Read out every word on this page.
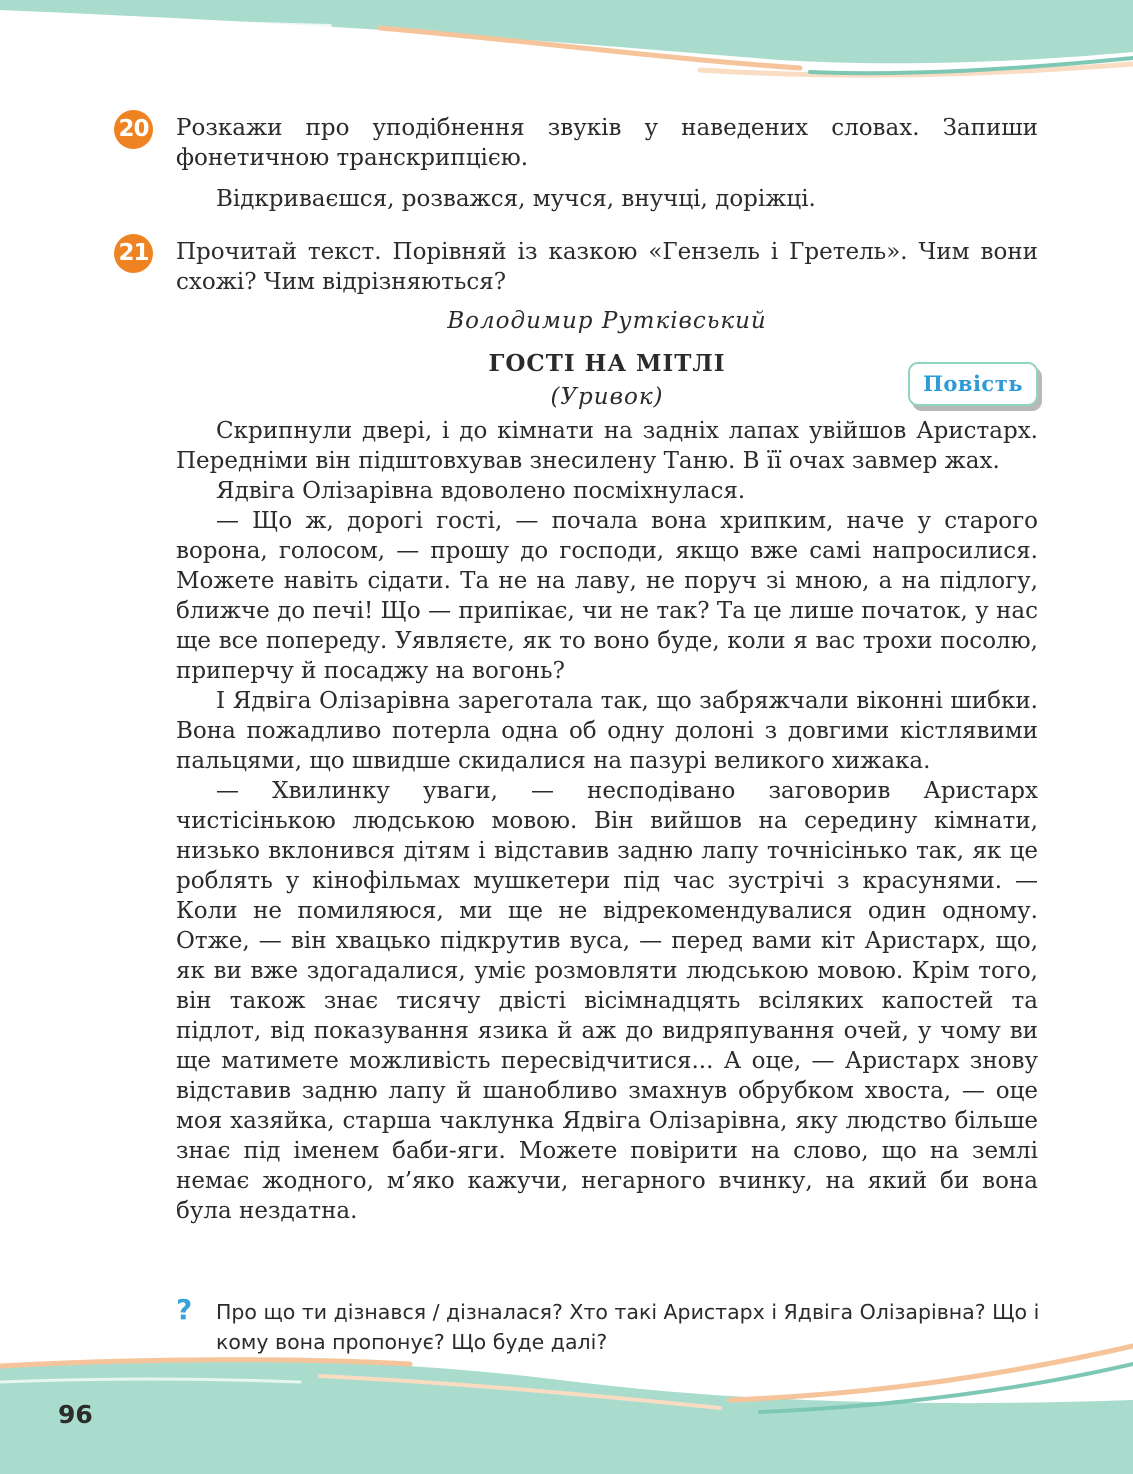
20 Розкажи про уподібнення звуків у наведених словах. Запиши фонетичною транскрипцією.

Відкриваєшся, розважся, мучся, внучці, доріжці.
21 Прочитай текст. Порівняй із казкою «Гензель і Гретель». Чим вони схожі? Чим відрізняються?

Володимир Рутківський
ГОСТІ НА МІТЛІ
(Уривок)
Повість

Скрипнули двері, і до кімнати на задніх лапах увійшов Аристарх. Передніми він підштовхував знесилену Таню. В її очах завмер жах.

Ядвіга Олізарівна вдоволено посміхнулася.

— Що ж, дорогі гості, — почала вона хрипким, наче у старого ворона, голосом, — прошу до господи, якщо вже самі напросилися. Можете навіть сідати. Та не на лаву, не поруч зі мною, а на підлогу, ближче до печі! Що — припікає, чи не так? Та це лише початок, у нас ще все попереду. Уявляєте, як то воно буде, коли я вас трохи посолю, приперчу й посаджу на вогонь?

І Ядвіга Олізарівна зареготала так, що забряжчали віконні шибки. Вона пожадливо потерла одна об одну долоні з довгими кістлявими пальцями, що швидше скидалися на пазурі великого хижака.

— Хвилинку уваги, — несподівано заговорив Аристарх чистісінькою людською мовою. Він вийшов на середину кімнати, низько вклонився дітям і відставив задню лапу точнісінько так, як це роблять у кінофільмах мушкетери під час зустрічі з красунями. — Коли не помиляюся, ми ще не відрекомендувалися один одному. Отже, — він хвацько підкрутив вуса, — перед вами кіт Аристарх, що, як ви вже здогадалися, уміє розмовляти людською мовою. Крім того, він також знає тисячу двісті вісімнадцять всіляких капостей та підлот, від показування язика й аж до видряпування очей, у чому ви ще матимете можливість пересвідчитися... А оце, — Аристарх знову відставив задню лапу й шанобливо змахнув обрубком хвоста, — оце моя хазяйка, старша чаклунка Ядвіга Олізарівна, яку людство більше знає під іменем баби-яги. Можете повірити на слово, що на землі немає жодного, м’яко кажучи, негарного вчинку, на який би вона була нездатна.

? Про що ти дізнався / дізналася? Хто такі Аристарх і Ядвіга Олізарівна? Що і кому вона пропонує? Що буде далі?
96
